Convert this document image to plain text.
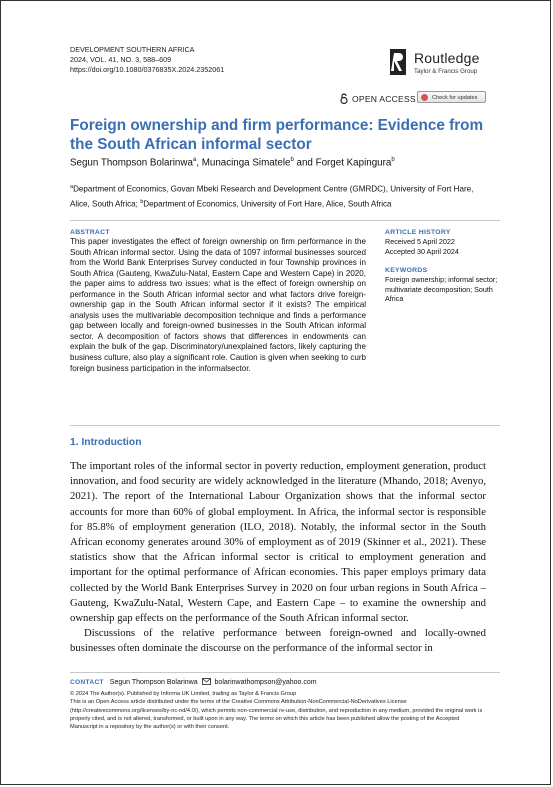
DEVELOPMENT SOUTHERN AFRICA
2024, VOL. 41, NO. 3, 588–609
https://doi.org/10.1080/0376835X.2024.2352061
Routledge
Taylor & Francis Group
OPEN ACCESS	Check for updates
Foreign ownership and firm performance: Evidence from the South African informal sector
Segun Thompson Bolarinwa$^a$, Munacinga Simatele$^b$ and Forget Kapingura$^b$
$^a$Department of Economics, Govan Mbeki Research and Development Centre (GMRDC), University of Fort Hare, Alice, South Africa; $^b$Department of Economics, University of Fort Hare, Alice, South Africa
ABSTRACT
This paper investigates the effect of foreign ownership on firm performance in the South African informal sector. Using the data of 1097 informal businesses sourced from the World Bank Enterprises Survey conducted in four Township provinces in South Africa (Gauteng, KwaZulu-Natal, Eastern Cape and Western Cape) in 2020, the paper aims to address two issues: what is the effect of foreign ownership on performance in the South African informal sector and what factors drive foreign-ownership gap in the South African informal sector if it exists? The empirical analysis uses the multivariable decomposition technique and finds a performance gap between locally and foreign-owned businesses in the South African informal sector. A decomposition of factors shows that differences in endowments can explain the bulk of the gap. Discriminatory/unexplained factors, likely capturing the business culture, also play a significant role. Caution is given when seeking to curb foreign business participation in the informalsector.
ARTICLE HISTORY
Received 5 April 2022
Accepted 30 April 2024
KEYWORDS
Foreign ownership; informal sector; multivariate decomposition; South Africa
1. Introduction

The important roles of the informal sector in poverty reduction, employment generation, product innovation, and food security are widely acknowledged in the literature (Mhando, 2018; Avenyo, 2021). The report of the International Labour Organization shows that the informal sector accounts for more than 60% of global employment. In Africa, the informal sector is responsible for 85.8% of employment generation (ILO, 2018). Notably, the informal sector in the South African economy generates around 30% of employment as of 2019 (Skinner et al., 2021). These statistics show that the African informal sector is critical to employment generation and important for the optimal performance of African economies. This paper employs primary data collected by the World Bank Enterprises Survey in 2020 on four urban regions in South Africa – Gauteng, KwaZulu-Natal, Western Cape, and Eastern Cape – to examine the ownership and ownership gap effects on the performance of the South African informal sector.

Discussions of the relative performance between foreign-owned and locally-owned businesses often dominate the discourse on the performance of the informal sector in

CONTACT Segun Thompson Bolarinwa bolarinwathompson@yahoo.com

© 2024 The Author(s). Published by Informa UK Limited, trading as Taylor & Francis Group

This is an Open Access article distributed under the terms of the Creative Commons Attribution-NonCommercial-NoDerivatives License (http://creativecommons.org/licenses/by-nc-nd/4.0/), which permits non-commercial re-use, distribution, and reproduction in any medium, provided the original work is properly cited, and is not altered, transformed, or built upon in any way. The terms on which this article has been published allow the posting of the Accepted Manuscript in a repository by the author(s) or with their consent.
